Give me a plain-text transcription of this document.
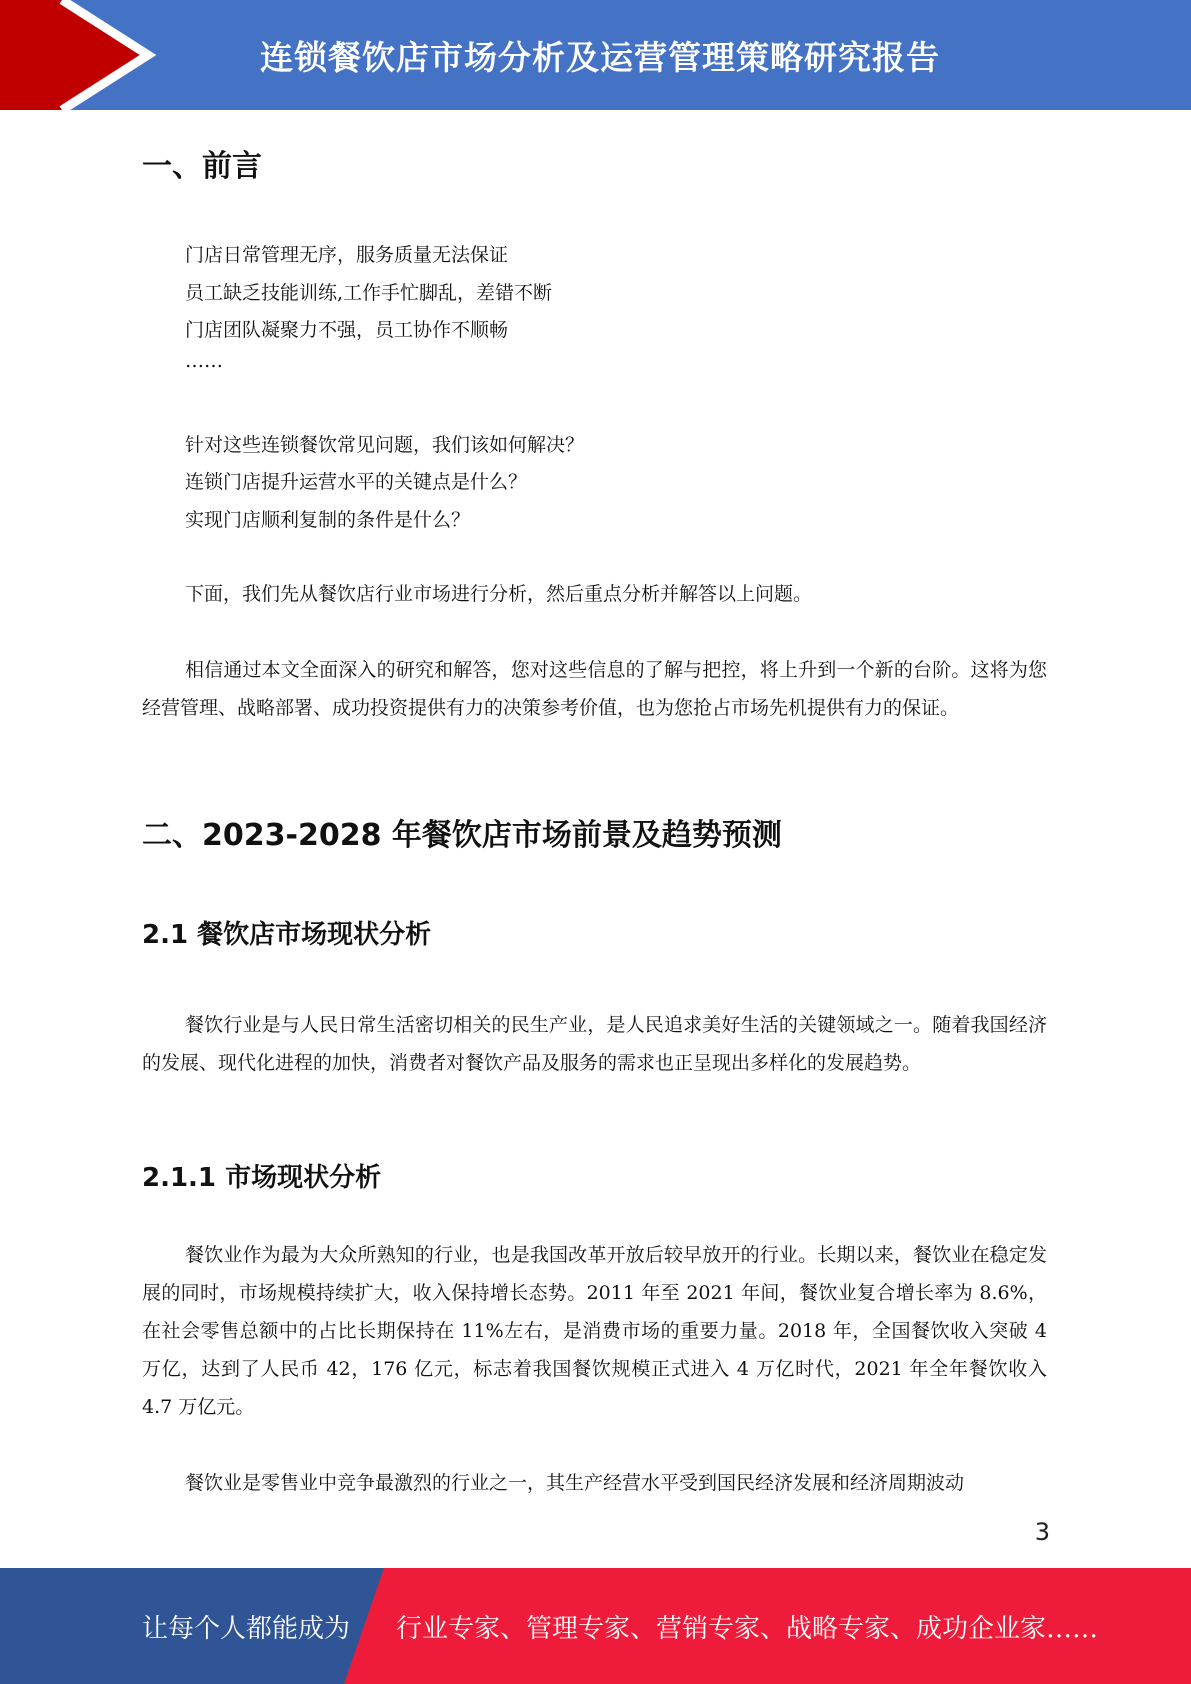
连锁餐饮店市场分析及运营管理策略研究报告
一、前言

门店日常管理无序，服务质量无法保证

员工缺乏技能训练,工作手忙脚乱，差错不断

门店团队凝聚力不强，员工协作不顺畅

……

针对这些连锁餐饮常见问题，我们该如何解决？

连锁门店提升运营水平的关键点是什么？

实现门店顺利复制的条件是什么？

下面，我们先从餐饮店行业市场进行分析，然后重点分析并解答以上问题。

相信通过本文全面深入的研究和解答，您对这些信息的了解与把控，将上升到一个新的台阶。这将为您经营管理、战略部署、成功投资提供有力的决策参考价值，也为您抢占市场先机提供有力的保证。

二、2023-2028 年餐饮店市场前景及趋势预测
2.1 餐饮店市场现状分析

餐饮行业是与人民日常生活密切相关的民生产业，是人民追求美好生活的关键领域之一。随着我国经济的发展、现代化进程的加快，消费者对餐饮产品及服务的需求也正呈现出多样化的发展趋势。

2.1.1 市场现状分析

餐饮业作为最为大众所熟知的行业，也是我国改革开放后较早放开的行业。长期以来，餐饮业在稳定发展的同时，市场规模持续扩大，收入保持增长态势。2011 年至 2021 年间，餐饮业复合增长率为 8.6%，在社会零售总额中的占比长期保持在 11%左右，是消费市场的重要力量。2018 年，全国餐饮收入突破 4 万亿，达到了人民币 42，176 亿元，标志着我国餐饮规模正式进入 4 万亿时代，2021 年全年餐饮收入 4.7 万亿元。

餐饮业是零售业中竞争最激烈的行业之一，其生产经营水平受到国民经济发展和经济周期波动

3
让每个人都能成为 行业专家、管理专家、营销专家、战略专家、成功企业家……
